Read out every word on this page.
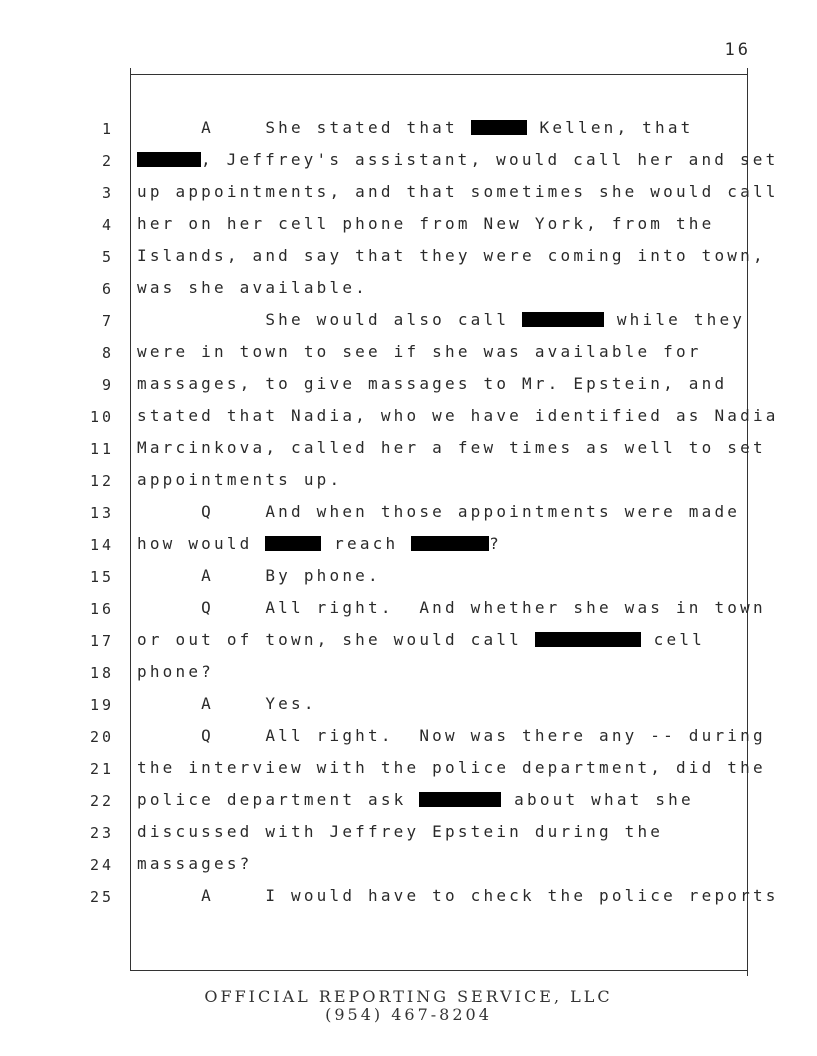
16
1 A    She stated that	Kellen, that
2	, Jeffrey's assistant, would call her and set
3 up appointments, and that sometimes she would call
4 her on her cell phone from New York, from the
5 Islands, and say that they were coming into town,
6 was she available.
7 She would also call	while they
8 were in town to see if she was available for
9 massages, to give massages to Mr. Epstein, and
10 stated that Nadia, who we have identified as Nadia
11 Marcinkova, called her a few times as well to set
12 appointments up.
13 Q    And when those appointments were made
14 how would	reach	?
15 A    By phone.
16 Q    All right.  And whether she was in town
17 or out of town, she would call	cell
18 phone?
19 A    Yes.
20 Q    All right.  Now was there any -- during
21 the interview with the police department, did the
22 police department ask	about what she
23 discussed with Jeffrey Epstein during the
24 massages?
25 A    I would have to check the police reports
OFFICIAL REPORTING SERVICE, LLC
(954) 467-8204
